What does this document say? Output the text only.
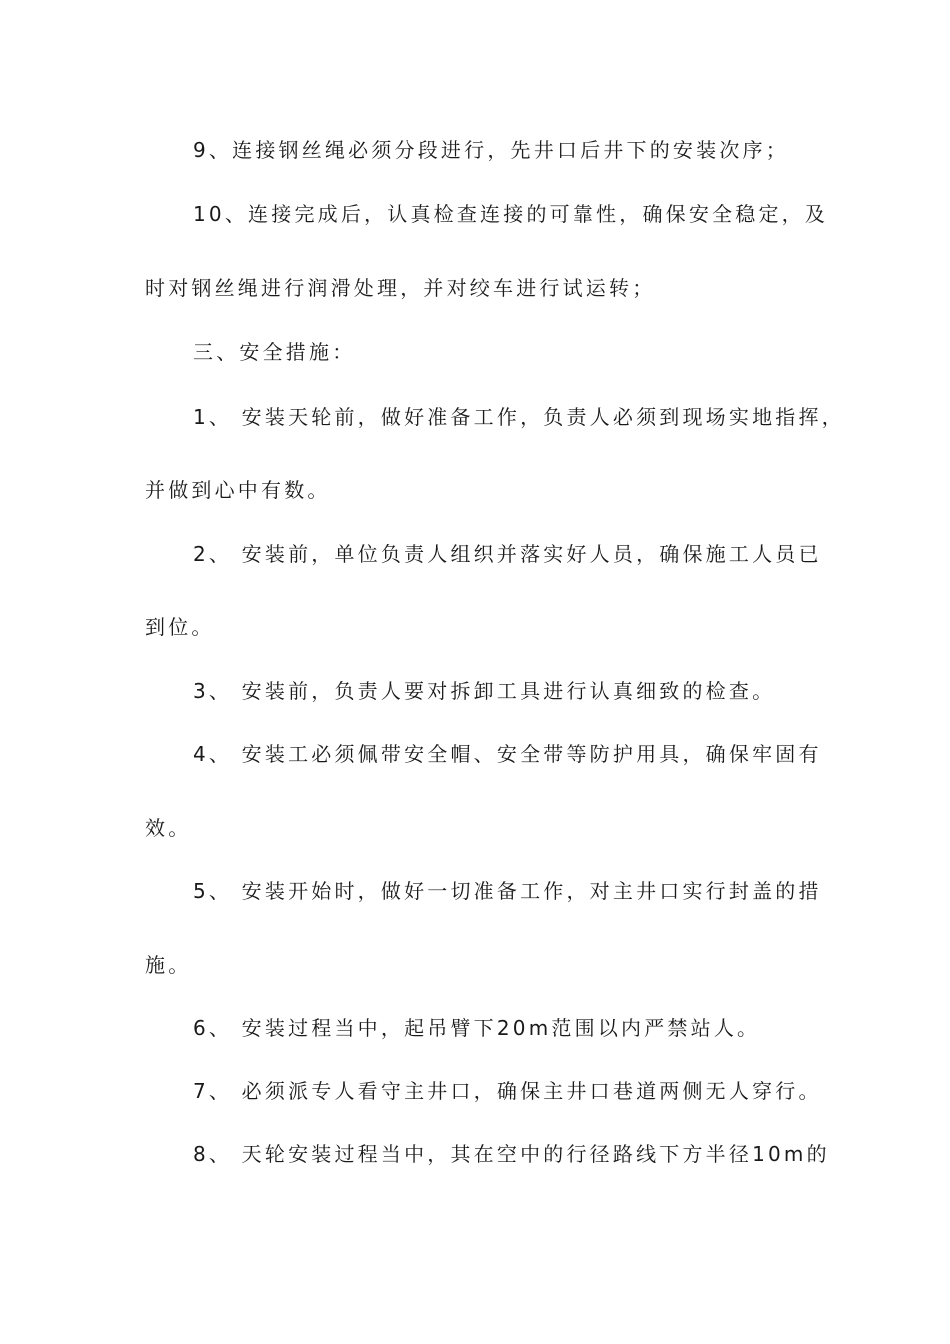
9、连接钢丝绳必须分段进行，先井口后井下的安装次序；

10、连接完成后，认真检查连接的可靠性，确保安全稳定，及

时对钢丝绳进行润滑处理，并对绞车进行试运转；

三、安全措施：

1、 安装天轮前，做好准备工作，负责人必须到现场实地指挥，

并做到心中有数。

2、 安装前，单位负责人组织并落实好人员，确保施工人员已

到位。

3、 安装前，负责人要对拆卸工具进行认真细致的检查。

4、 安装工必须佩带安全帽、安全带等防护用具，确保牢固有

效。

5、 安装开始时，做好一切准备工作，对主井口实行封盖的措

施。

6、 安装过程当中，起吊臂下20m范围以内严禁站人。

7、 必须派专人看守主井口，确保主井口巷道两侧无人穿行。

8、 天轮安装过程当中，其在空中的行径路线下方半径10m的
